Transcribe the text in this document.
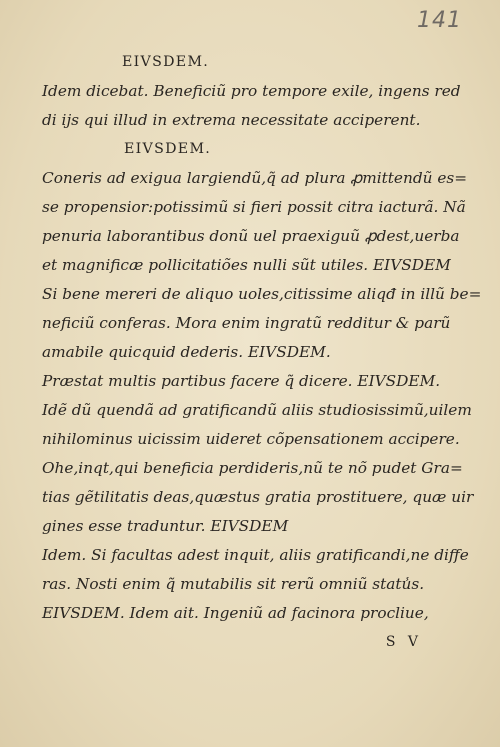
141
EIVSDEM.
Idem dicebat. Beneficiũ pro tempore exile, ingens red
di ijs qui illud in extrema necessitate acciperent.
EIVSDEM.
Coneris ad exigua largiendũ,q̃ ad plura ꝓmittendũ es=
se propensior:potissimũ si fieri possit citra iacturã. Nã
penuria laborantibus donũ uel praexiguũ ꝓdest,uerba
et magnificæ pollicitatiões nulli sũt utiles. EIVSDEM
Si bene mereri de aliquo uoles,citissime aliqđ in illũ be=
neficiũ conferas. Mora enim ingratũ redditur & parũ
amabile quicquid dederis. EIVSDEM.
Præstat multis partibus facere q̃ dicere. EIVSDEM.
Idẽ dũ quendã ad gratificandũ aliis studiosissimũ,uilem
nihilominus uicissim uideret cõpensationem accipere.
Ohe,inqt,qui beneficia perdideris,nũ te nõ pudet Gra=
tias gẽtilitatis deas,quæstus gratia prostituere, quæ uir
gines esse traduntur. EIVSDEM
Idem. Si facultas adest inquit, aliis gratificandi,ne diffe
ras. Nosti enim q̃ mutabilis sit rerũ omniũ statu̾s.
EIVSDEM. Idem ait. Ingeniũ ad facinora procliue,
S V
